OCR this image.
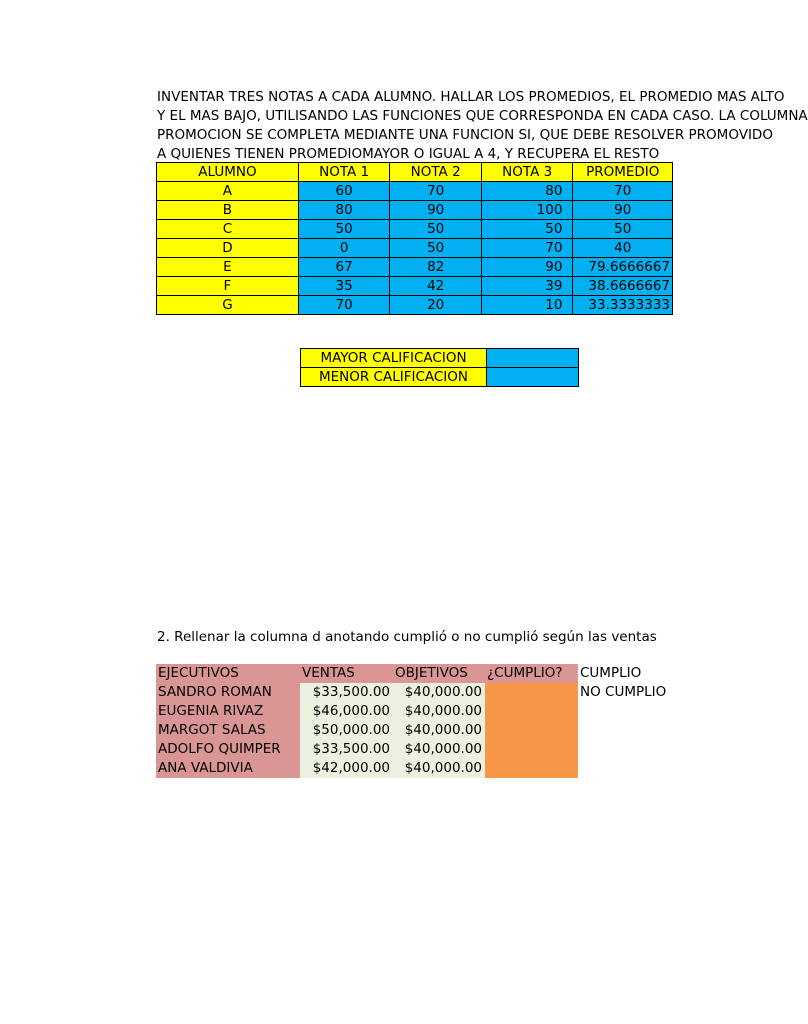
INVENTAR TRES NOTAS A CADA ALUMNO. HALLAR LOS PROMEDIOS, EL PROMEDIO MAS ALTO
Y EL MAS BAJO, UTILISANDO LAS FUNCIONES QUE CORRESPONDA EN CADA CASO. LA COLUMNA
PROMOCION SE COMPLETA MEDIANTE UNA FUNCION SI, QUE DEBE RESOLVER PROMOVIDO
A QUIENES TIENEN PROMEDIOMAYOR O IGUAL A 4, Y RECUPERA EL RESTO
ALUMNO	NOTA 1	NOTA 2	NOTA 3	PROMEDIO
A	60	70	80	70
B	80	90	100	90
C	50	50	50	50
D	0	50	70	40
E	67	82	90	79.6666667
F	35	42	39	38.6666667
G	70	20	10	33.3333333
MAYOR CALIFICACION	
MENOR CALIFICACION	
2. Rellenar la columna d anotando cumplió o no cumplió según las ventas
EJECUTIVOS	VENTAS	OBJETIVOS	¿CUMPLIO?	CUMPLIO
SANDRO ROMAN	$33,500.00	$40,000.00		NO CUMPLIO
EUGENIA RIVAZ	$46,000.00	$40,000.00		
MARGOT SALAS	$50,000.00	$40,000.00		
ADOLFO QUIMPER	$33,500.00	$40,000.00		
ANA VALDIVIA	$42,000.00	$40,000.00		
